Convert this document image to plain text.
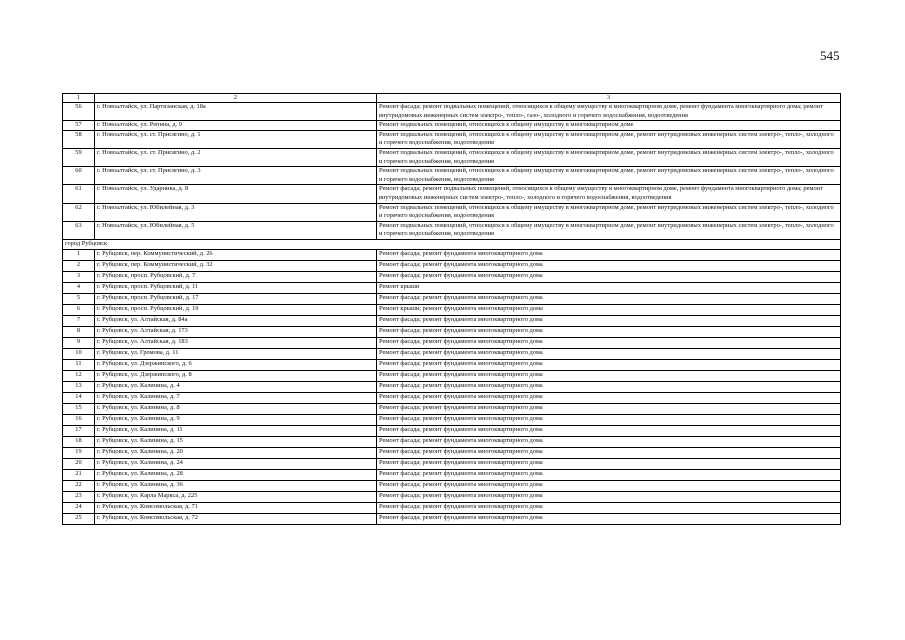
545
1	2	3
56	г. Новоалтайск, ул. Партизанская, д. 18а	Ремонт фасада; ремонт подвальных помещений, относящихся к общему имуществу в многоквартирном доме, ремонт фундамента многоквартирного дома; ремонт внутридомовых инженерных систем электро-, тепло-, газо-, холодного и горячего водоснабжения, водоотведения
57	г. Новоалтайск, ул. Репина, д. 9	Ремонт подвальных помещений, относящихся к общему имуществу в многоквартирном доме
58	г. Новоалтайск, ул. ст. Присягино, д. 1	Ремонт подвальных помещений, относящихся к общему имуществу в многоквартирном доме, ремонт внутридомовых инженерных систем электро-, тепло-, холодного и горячего водоснабжения, водоотведения
59	г. Новоалтайск, ул. ст. Присягино, д. 2	Ремонт подвальных помещений, относящихся к общему имуществу в многоквартирном доме, ремонт внутридомовых инженерных систем электро-, тепло-, холодного и горячего водоснабжения, водоотведения
60	г. Новоалтайск, ул. ст. Присягино, д. 3	Ремонт подвальных помещений, относящихся к общему имуществу в многоквартирном доме, ремонт внутридомовых инженерных систем электро-, тепло-, холодного и горячего водоснабжения, водоотведения
61	г. Новоалтайск, ул. Ударника, д. 8	Ремонт фасада; ремонт подвальных помещений, относящихся к общему имуществу в многоквартирном доме, ремонт фундамента многоквартирного дома; ремонт внутридомовых инженерных систем электро-, тепло-, холодного и горячего водоснабжения, водоотведения
62	г. Новоалтайск, ул. Юбилейная, д. 3	Ремонт подвальных помещений, относящихся к общему имуществу в многоквартирном доме, ремонт внутридомовых инженерных систем электро-, тепло-, холодного и горячего водоснабжения, водоотведения
63	г. Новоалтайск, ул. Юбилейная, д. 5	Ремонт подвальных помещений, относящихся к общему имуществу в многоквартирном доме, ремонт внутридомовых инженерных систем электро-, тепло-, холодного и горячего водоснабжения, водоотведения
город Рубцовск		
1	г. Рубцовск, пер. Коммунистический, д. 26	Ремонт фасада; ремонт фундамента многоквартирного дома
2	г. Рубцовск, пер. Коммунистический, д. 32	Ремонт фасада; ремонт фундамента многоквартирного дома
3	г. Рубцовск, просп. Рубцовский, д. 7	Ремонт фасада; ремонт фундамента многоквартирного дома
4	г. Рубцовск, просп. Рубцовский, д. 11	Ремонт крыши
5	г. Рубцовск, просп. Рубцовский, д. 17	Ремонт фасада; ремонт фундамента многоквартирного дома
6	г. Рубцовск, просп. Рубцовский, д. 19	Ремонт крыши; ремонт фундамента многоквартирного дома
7	г. Рубцовск, ул. Алтайская, д. 84а	Ремонт фасада; ремонт фундамента многоквартирного дома
8	г. Рубцовск, ул. Алтайская, д. 173	Ремонт фасада; ремонт фундамента многоквартирного дома
9	г. Рубцовск, ул. Алтайская, д. 183	Ремонт фасада; ремонт фундамента многоквартирного дома
10	г. Рубцовск, ул. Громова, д. 11	Ремонт фасада; ремонт фундамента многоквартирного дома
11	г. Рубцовск, ул. Дзержинского, д. 6	Ремонт фасада; ремонт фундамента многоквартирного дома
12	г. Рубцовск, ул. Дзержинского, д. 8	Ремонт фасада; ремонт фундамента многоквартирного дома
13	г. Рубцовск, ул. Калинина, д. 4	Ремонт фасада; ремонт фундамента многоквартирного дома
14	г. Рубцовск, ул. Калинина, д. 7	Ремонт фасада; ремонт фундамента многоквартирного дома
15	г. Рубцовск, ул. Калинина, д. 8	Ремонт фасада; ремонт фундамента многоквартирного дома
16	г. Рубцовск, ул. Калинина, д. 9	Ремонт фасада; ремонт фундамента многоквартирного дома
17	г. Рубцовск, ул. Калинина, д. 11	Ремонт фасада; ремонт фундамента многоквартирного дома
18	г. Рубцовск, ул. Калинина, д. 15	Ремонт фасада; ремонт фундамента многоквартирного дома
19	г. Рубцовск, ул. Калинина, д. 20	Ремонт фасада; ремонт фундамента многоквартирного дома
20	г. Рубцовск, ул. Калинина, д. 24	Ремонт фасада; ремонт фундамента многоквартирного дома
21	г. Рубцовск, ул. Калинина, д. 28	Ремонт фасада; ремонт фундамента многоквартирного дома
22	г. Рубцовск, ул. Калинина, д. 36	Ремонт фасада; ремонт фундамента многоквартирного дома
23	г. Рубцовск, ул. Карла Маркса, д. 225	Ремонт фасада; ремонт фундамента многоквартирного дома
24	г. Рубцовск, ул. Комсомольская, д. 71	Ремонт фасада; ремонт фундамента многоквартирного дома
25	г. Рубцовск, ул. Комсомольская, д. 72	Ремонт фасада; ремонт фундамента многоквартирного дома
